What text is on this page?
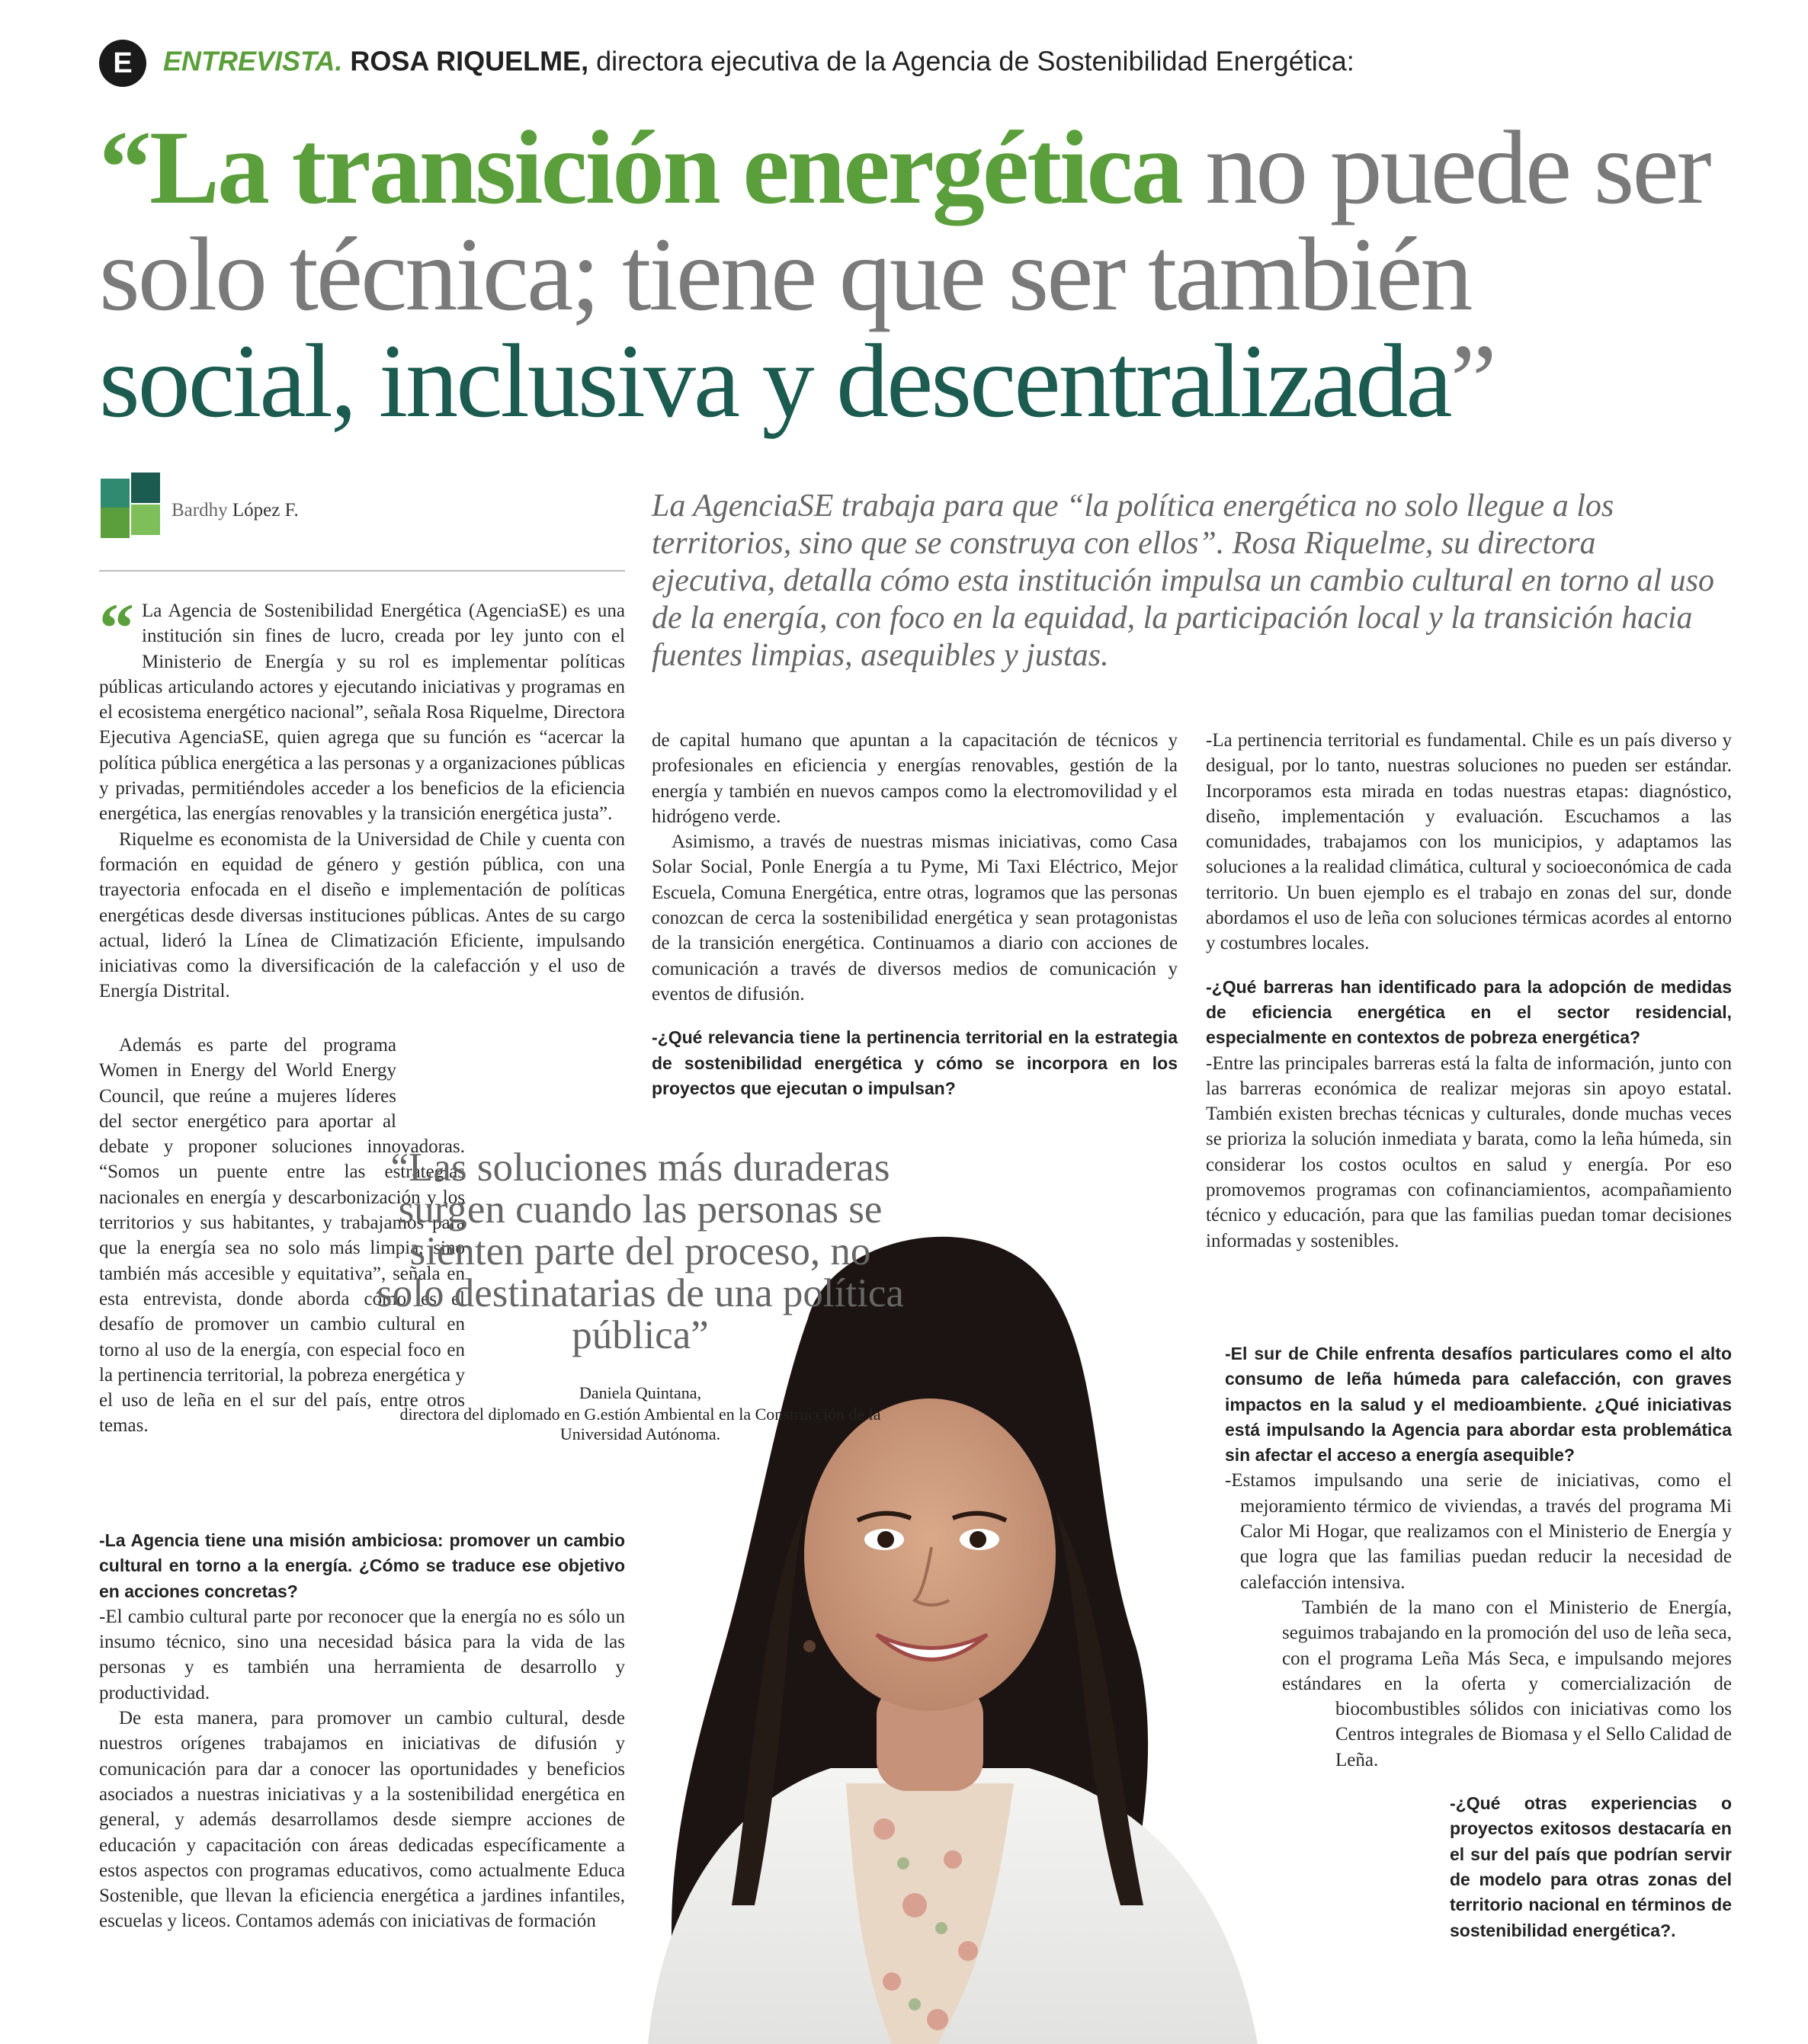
E ENTREVISTA. ROSA RIQUELME, directora ejecutiva de la Agencia de Sostenibilidad Energética:
“La transición energética no puede ser solo técnica; tiene que ser también social, inclusiva y descentralizada”
Bardhy López F.	La AgenciaSE trabaja para que “la política energética no solo llegue a los territorios, sino que se construya con ellos”. Rosa Riquelme, su directora ejecutiva, detalla cómo esta institución impulsa un cambio cultural en torno al uso de la energía, con foco en la equidad, la participación local y la transición hacia fuentes limpias, asequibles y justas.
“ La Agencia de Sostenibilidad Energética (AgenciaSE) es una institución sin fines de lucro, creada por ley junto con el Ministerio de Energía y su rol es implementar políticas públicas articulando actores y ejecutando iniciativas y programas en el ecosistema energético nacional”, señala Rosa Riquelme, Directora Ejecutiva AgenciaSE, quien agrega que su función es “acercar la política pública energética a las personas y a organizaciones públicas y privadas, permitiéndoles acceder a los beneficios de la eficiencia energética, las energías renovables y la transición energética justa”.

Riquelme es economista de la Universidad de Chile y cuenta con formación en equidad de género y gestión pública, con una trayectoria enfocada en el diseño e implementación de políticas energéticas desde diversas instituciones públicas. Antes de su cargo actual, lideró la Línea de Climatización Eficiente, impulsando iniciativas como la diversificación de la calefacción y el uso de Energía Distrital.

Además es parte del programa Women in Energy del World Energy Council, que reúne a mujeres líderes del sector energético para aportar al debate y proponer soluciones innovadoras. “Somos un puente entre las estrategias nacionales en energía y descarbonización y los territorios y sus habitantes, y trabajamos para que la energía sea no solo más limpia, sino también más accesible y equitativa”, señala en esta entrevista, donde aborda cómo es el desafío de promover un cambio cultural en torno al uso de la energía, con especial foco en la pertinencia territorial, la pobreza energética y el uso de leña en el sur del país, entre otros temas.

-La Agencia tiene una misión ambiciosa: promover un cambio cultural en torno a la energía. ¿Cómo se traduce ese objetivo en acciones concretas?

-El cambio cultural parte por reconocer que la energía no es sólo un insumo técnico, sino una necesidad básica para la vida de las personas y es también una herramienta de desarrollo y productividad.

De esta manera, para promover un cambio cultural, desde nuestros orígenes trabajamos en iniciativas de difusión y comunicación para dar a conocer las oportunidades y beneficios asociados a nuestras iniciativas y a la sostenibilidad energética en general, y además desarrollamos desde siempre acciones de educación y capacitación con áreas dedicadas específicamente a estos aspectos con programas educativos, como actualmente Educa Sostenible, que llevan la eficiencia energética a jardines infantiles, escuelas y liceos. Contamos además con iniciativas de formación

de capital humano que apuntan a la capacitación de técnicos y profesionales en eficiencia y energías renovables, gestión de la energía y también en nuevos campos como la electromovilidad y el hidrógeno verde.

Asimismo, a través de nuestras mismas iniciativas, como Casa Solar Social, Ponle Energía a tu Pyme, Mi Taxi Eléctrico, Mejor Escuela, Comuna Energética, entre otras, logramos que las personas conozcan de cerca la sostenibilidad energética y sean protagonistas de la transición energética. Continuamos a diario con acciones de comunicación a través de diversos medios de comunicación y eventos de difusión.

-¿Qué relevancia tiene la pertinencia territorial en la estrategia de sostenibilidad energética y cómo se incorpora en los proyectos que ejecutan o impulsan?

“Las soluciones más duraderas surgen cuando las personas se sienten parte del proceso, no solo destinatarias de una política pública”
Daniela Quintana,
directora del diplomado en G.estión Ambiental en la Construcción de la Universidad Autónoma.

-La pertinencia territorial es fundamental. Chile es un país diverso y desigual, por lo tanto, nuestras soluciones no pueden ser estándar. Incorporamos esta mirada en todas nuestras etapas: diagnóstico, diseño, implementación y evaluación. Escuchamos a las comunidades, trabajamos con los municipios, y adaptamos las soluciones a la realidad climática, cultural y socioeconómica de cada territorio. Un buen ejemplo es el trabajo en zonas del sur, donde abordamos el uso de leña con soluciones térmicas acordes al entorno y costumbres locales.

-¿Qué barreras han identificado para la adopción de medidas de eficiencia energética en el sector residencial, especialmente en contextos de pobreza energética?

-Entre las principales barreras está la falta de información, junto con las barreras económica de realizar mejoras sin apoyo estatal. También existen brechas técnicas y culturales, donde muchas veces se prioriza la solución inmediata y barata, como la leña húmeda, sin considerar los costos ocultos en salud y energía. Por eso promovemos programas con cofinanciamientos, acompañamiento técnico y educación, para que las familias puedan tomar decisiones informadas y sostenibles.

-El sur de Chile enfrenta desafíos particulares como el alto consumo de leña húmeda para calefacción, con graves impactos en la salud y el medioambiente. ¿Qué iniciativas está impulsando la Agencia para abordar esta problemática sin afectar el acceso a energía asequible?

-Estamos impulsando una serie de iniciativas, como el mejoramiento térmico de viviendas, a través del programa Mi Calor Mi Hogar, que realizamos con el Ministerio de Energía y que logra que las familias puedan reducir la necesidad de calefacción intensiva.

También de la mano con el Ministerio de Energía, seguimos trabajando en la promoción del uso de leña seca, con el programa Leña Más Seca, e impulsando mejores estándares en la oferta y comercialización de biocombustibles sólidos con iniciativas como los Centros integrales de Biomasa y el Sello Calidad de Leña.

-¿Qué otras experiencias o proyectos exitosos destacaría en el sur del país que podrían servir de modelo para otras zonas del territorio nacional en términos de sostenibilidad energética?.
